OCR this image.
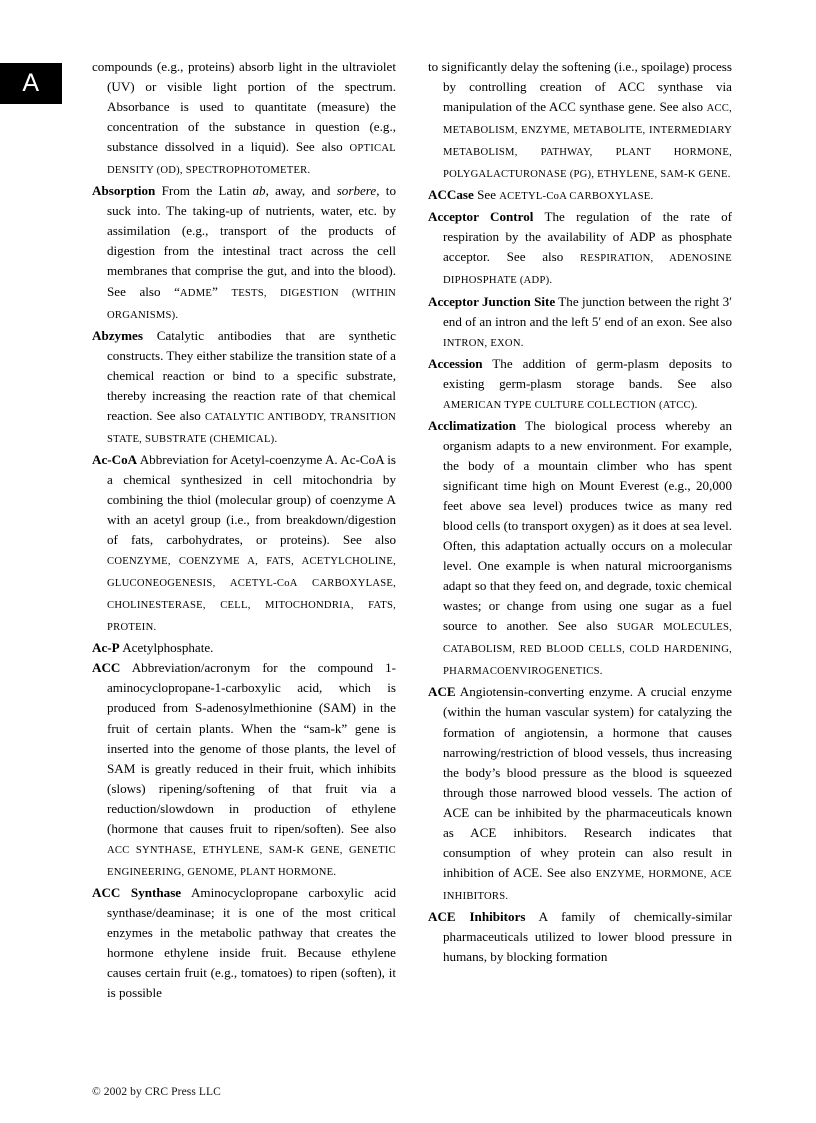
A

compounds (e.g., proteins) absorb light in the ultraviolet (UV) or visible light portion of the spectrum. Absorbance is used to quantitate (measure) the concentration of the substance in question (e.g., substance dissolved in a liquid). See also OPTICAL DENSITY (OD), SPECTROPHOTOMETER.

Absorption From the Latin ab, away, and sorbere, to suck into. The taking-up of nutrients, water, etc. by assimilation (e.g., transport of the products of digestion from the intestinal tract across the cell membranes that comprise the gut, and into the blood). See also “ADME” TESTS, DIGESTION (WITHIN ORGANISMS).

Abzymes Catalytic antibodies that are synthetic constructs. They either stabilize the transition state of a chemical reaction or bind to a specific substrate, thereby increasing the reaction rate of that chemical reaction. See also CATALYTIC ANTIBODY, TRANSITION STATE, SUBSTRATE (CHEMICAL).

Ac-CoA Abbreviation for Acetyl-coenzyme A. Ac-CoA is a chemical synthesized in cell mitochondria by combining the thiol (molecular group) of coenzyme A with an acetyl group (i.e., from breakdown/digestion of fats, carbohydrates, or proteins). See also COENZYME, COENZYME A, FATS, ACETYLCHOLINE, GLUCONEOGENESIS, ACETYL-CoA CARBOXYLASE, CHOLINESTERASE, CELL, MITOCHONDRIA, FATS, PROTEIN.

Ac-P Acetylphosphate.

ACC Abbreviation/acronym for the compound 1-aminocyclopropane-1-carboxylic acid, which is produced from S-adenosylmethionine (SAM) in the fruit of certain plants. When the “sam-k” gene is inserted into the genome of those plants, the level of SAM is greatly reduced in their fruit, which inhibits (slows) ripening/softening of that fruit via a reduction/slowdown in production of ethylene (hormone that causes fruit to ripen/soften). See also ACC SYNTHASE, ETHYLENE, SAM-K GENE, GENETIC ENGINEERING, GENOME, PLANT HORMONE.

ACC Synthase Aminocyclopropane carboxylic acid synthase/deaminase; it is one of the most critical enzymes in the metabolic pathway that creates the hormone ethylene inside fruit. Because ethylene causes certain fruit (e.g., tomatoes) to ripen (soften), it is possible

to significantly delay the softening (i.e., spoilage) process by controlling creation of ACC synthase via manipulation of the ACC synthase gene. See also ACC, METABOLISM, ENZYME, METABOLITE, INTERMEDIARY METABOLISM, PATHWAY, PLANT HORMONE, POLYGALACTURONASE (PG), ETHYLENE, SAM-K GENE.

ACCase See ACETYL-CoA CARBOXYLASE.

Acceptor Control The regulation of the rate of respiration by the availability of ADP as phosphate acceptor. See also RESPIRATION, ADENOSINE DIPHOSPHATE (ADP).

Acceptor Junction Site The junction between the right 3′ end of an intron and the left 5′ end of an exon. See also INTRON, EXON.

Accession The addition of germ-plasm deposits to existing germ-plasm storage bands. See also AMERICAN TYPE CULTURE COLLECTION (ATCC).

Acclimatization The biological process whereby an organism adapts to a new environment. For example, the body of a mountain climber who has spent significant time high on Mount Everest (e.g., 20,000 feet above sea level) produces twice as many red blood cells (to transport oxygen) as it does at sea level. Often, this adaptation actually occurs on a molecular level. One example is when natural microorganisms adapt so that they feed on, and degrade, toxic chemical wastes; or change from using one sugar as a fuel source to another. See also SUGAR MOLECULES, CATABOLISM, RED BLOOD CELLS, COLD HARDENING, PHARMACOENVIROGENETICS.

ACE Angiotensin-converting enzyme. A crucial enzyme (within the human vascular system) for catalyzing the formation of angiotensin, a hormone that causes narrowing/restriction of blood vessels, thus increasing the body’s blood pressure as the blood is squeezed through those narrowed blood vessels. The action of ACE can be inhibited by the pharmaceuticals known as ACE inhibitors. Research indicates that consumption of whey protein can also result in inhibition of ACE. See also ENZYME, HORMONE, ACE INHIBITORS.

ACE Inhibitors A family of chemically-similar pharmaceuticals utilized to lower blood pressure in humans, by blocking formation

© 2002 by CRC Press LLC
